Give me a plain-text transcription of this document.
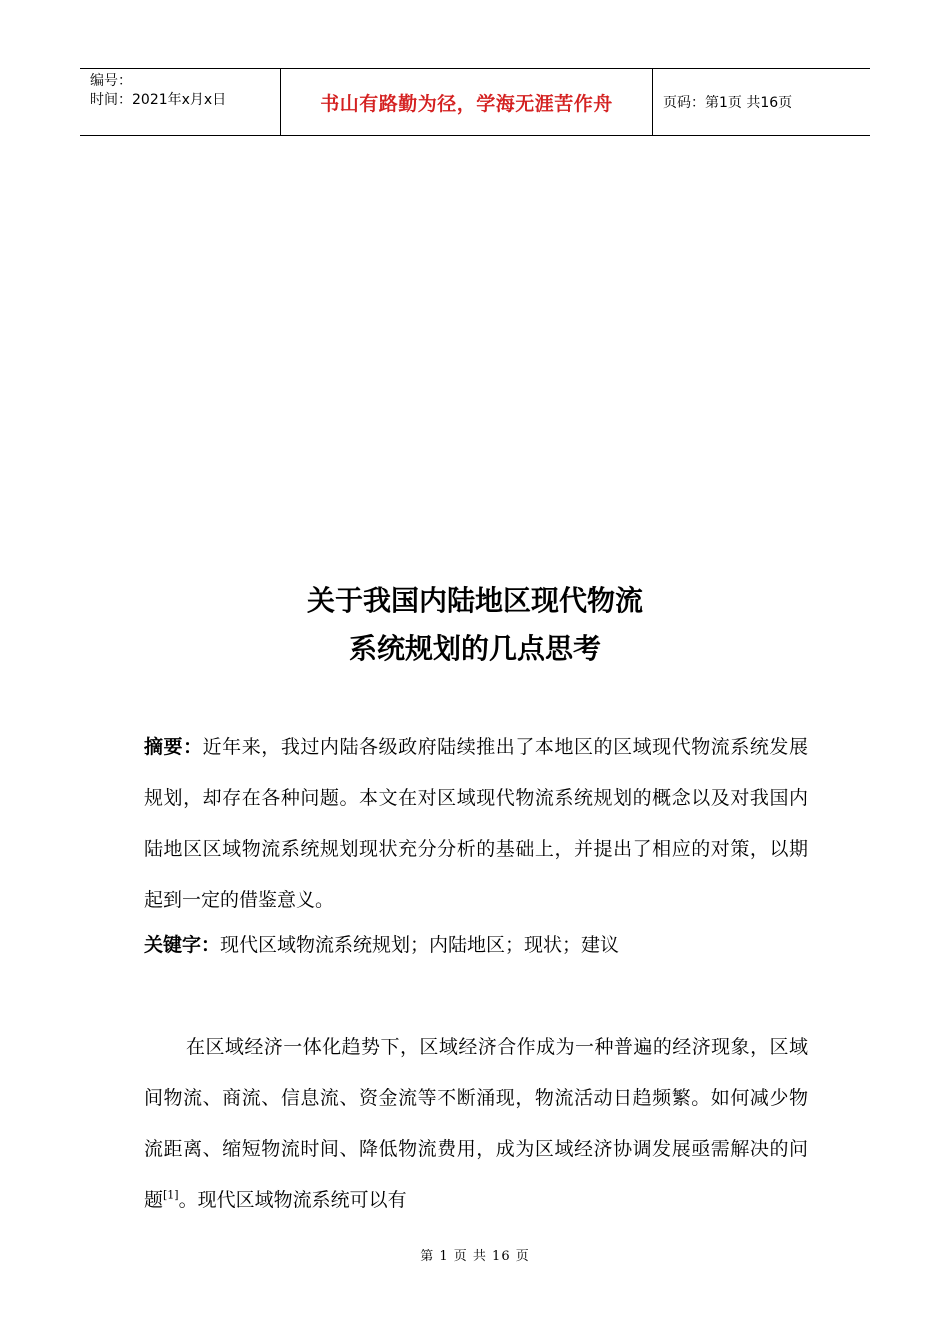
编号：
时间：2021年x月x日	书山有路勤为径，学海无涯苦作舟	页码：第1页 共16页
关于我国内陆地区现代物流
系统规划的几点思考

摘要：近年来，我过内陆各级政府陆续推出了本地区的区域现代物流系统发展规划，却存在各种问题。本文在对区域现代物流系统规划的概念以及对我国内陆地区区域物流系统规划现状充分分析的基础上，并提出了相应的对策，以期起到一定的借鉴意义。

关键字：现代区域物流系统规划；内陆地区；现状；建议

在区域经济一体化趋势下，区域经济合作成为一种普遍的经济现象，区域间物流、商流、信息流、资金流等不断涌现，物流活动日趋频繁。如何减少物流距离、缩短物流时间、降低物流费用，成为区域经济协调发展亟需解决的问题[1]。现代区域物流系统可以有

第 1 页 共 16 页
